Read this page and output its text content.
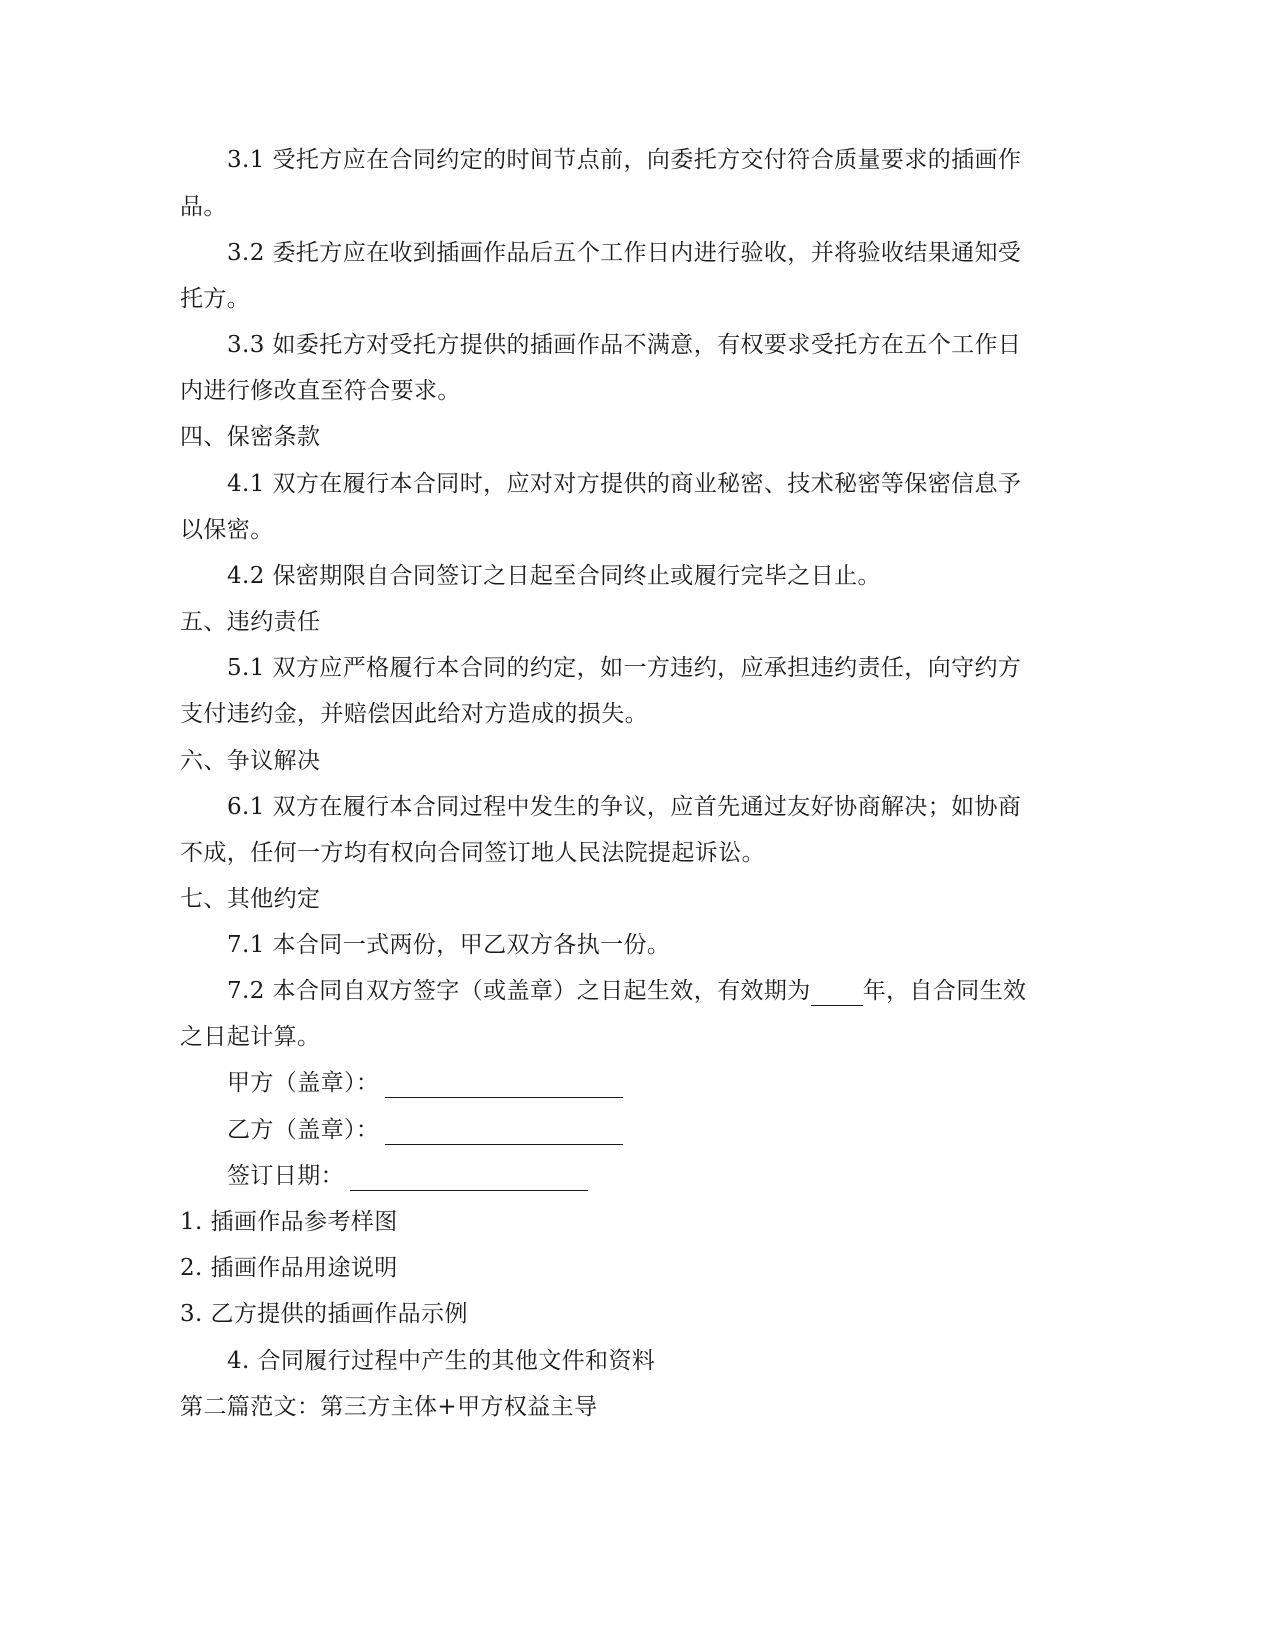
3.1 受托方应在合同约定的时间节点前，向委托方交付符合质量要求的插画作
品。
3.2 委托方应在收到插画作品后五个工作日内进行验收，并将验收结果通知受
托方。
3.3 如委托方对受托方提供的插画作品不满意，有权要求受托方在五个工作日
内进行修改直至符合要求。
四、保密条款
4.1 双方在履行本合同时，应对对方提供的商业秘密、技术秘密等保密信息予
以保密。
4.2 保密期限自合同签订之日起至合同终止或履行完毕之日止。
五、违约责任
5.1 双方应严格履行本合同的约定，如一方违约，应承担违约责任，向守约方
支付违约金，并赔偿因此给对方造成的损失。
六、争议解决
6.1 双方在履行本合同过程中发生的争议，应首先通过友好协商解决；如协商
不成，任何一方均有权向合同签订地人民法院提起诉讼。
七、其他约定
7.1 本合同一式两份，甲乙双方各执一份。
7.2 本合同自双方签字（或盖章）之日起生效，有效期为 年，自合同生效
之日起计算。
甲方（盖章）：
乙方（盖章）：
签订日期：
1. 插画作品参考样图
2. 插画作品用途说明
3. 乙方提供的插画作品示例
4. 合同履行过程中产生的其他文件和资料
第二篇范文：第三方主体+甲方权益主导
